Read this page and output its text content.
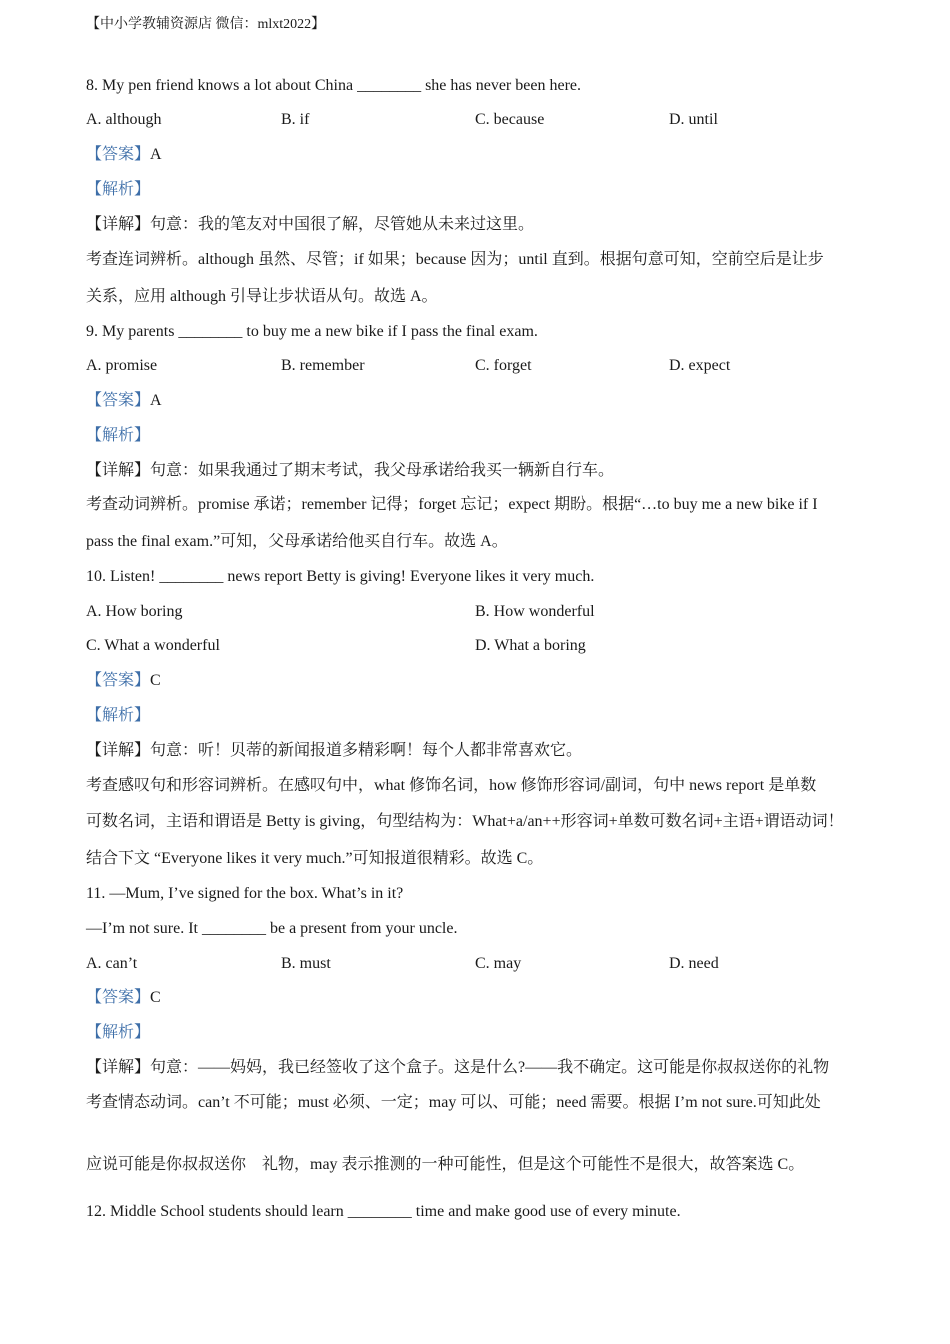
【中小学教辅资源店 微信：mlxt2022】
8. My pen friend knows a lot about China ________ she has never been here.
A. although	B. if	C. because	D. until
【答案】A
【解析】
【详解】句意：我的笔友对中国很了解，尽管她从未来过这里。
考查连词辨析。although 虽然、尽管；if 如果；because 因为；until 直到。根据句意可知，空前空后是让步
关系，应用 although 引导让步状语从句。故选 A。
9. My parents ________ to buy me a new bike if I pass the final exam.
A. promise	B. remember	C. forget	D. expect
【答案】A
【解析】
【详解】句意：如果我通过了期末考试，我父母承诺给我买一辆新自行车。
考查动词辨析。promise 承诺；remember 记得；forget 忘记；expect 期盼。根据“…to buy me a new bike if I
pass the final exam.”可知，父母承诺给他买自行车。故选 A。
10. Listen! ________ news report Betty is giving! Everyone likes it very much.
A. How boring	B. How wonderful
C. What a wonderful	D. What a boring
【答案】C
【解析】
【详解】句意：听！贝蒂的新闻报道多精彩啊！每个人都非常喜欢它。
考查感叹句和形容词辨析。在感叹句中，what 修饰名词，how 修饰形容词/副词，句中 news report 是单数
可数名词，主语和谓语是 Betty is giving，句型结构为：What+a/an++形容词+单数可数名词+主语+谓语动词！
结合下文 “Everyone likes it very much.”可知报道很精彩。故选 C。
11. —Mum, I’ve signed for the box. What’s in it?
—I’m not sure. It ________ be a present from your uncle.
A. can’t	B. must	C. may	D. need
【答案】C
【解析】
【详解】句意：——妈妈，我已经签收了这个盒子。这是什么?——我不确定。这可能是你叔叔送你的礼物
考查情态动词。can’t 不可能；must 必须、一定；may 可以、可能；need 需要。根据 I’m not sure.可知此处
应说可能是你叔叔送你    礼物，may 表示推测的一种可能性，但是这个可能性不是很大，故答案选 C。
12. Middle School students should learn ________ time and make good use of every minute.
